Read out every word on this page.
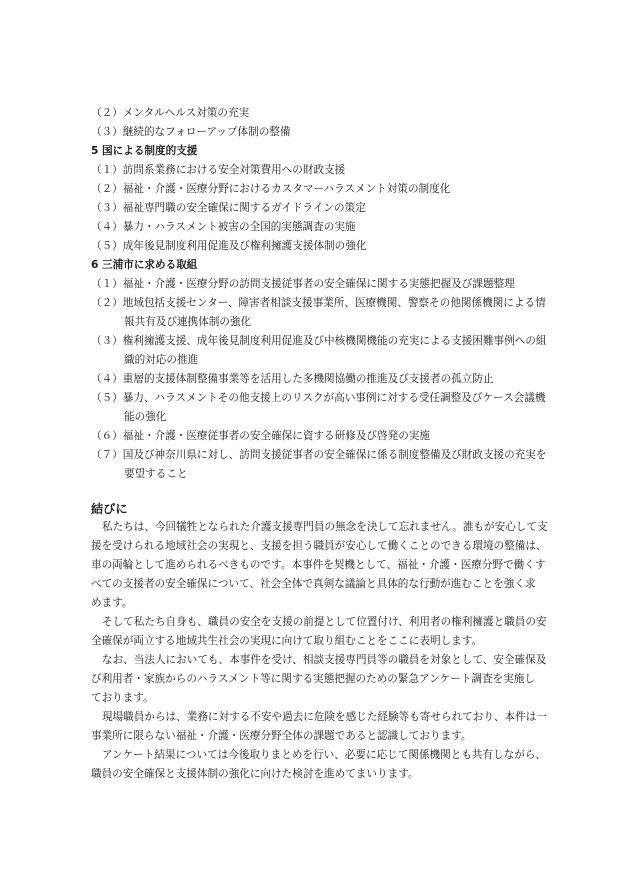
（２）メンタルヘルス対策の充実
（３）継続的なフォローアップ体制の整備
5 国による制度的支援
（１）訪問系業務における安全対策費用への財政支援
（２）福祉・介護・医療分野におけるカスタマーハラスメント対策の制度化
（３）福祉専門職の安全確保に関するガイドラインの策定
（４）暴力・ハラスメント被害の全国的実態調査の実施
（５）成年後見制度利用促進及び権利擁護支援体制の強化
6 三浦市に求める取組
（１）福祉・介護・医療分野の訪問支援従事者の安全確保に関する実態把握及び課題整理
（２）地域包括支援センター、障害者相談支援事業所、医療機関、警察その他関係機関による情
報共有及び連携体制の強化
（３）権利擁護支援、成年後見制度利用促進及び中核機関機能の充実による支援困難事例への組
織的対応の推進
（４）重層的支援体制整備事業等を活用した多機関協働の推進及び支援者の孤立防止
（５）暴力、ハラスメントその他支援上のリスクが高い事例に対する受任調整及びケース会議機
能の強化
（６）福祉・介護・医療従事者の安全確保に資する研修及び啓発の実施
（７）国及び神奈川県に対し、訪問支援従事者の安全確保に係る制度整備及び財政支援の充実を
要望すること
結びに
私たちは、今回犠牲となられた介護支援専門員の無念を決して忘れません。誰もが安心して支
援を受けられる地域社会の実現と、支援を担う職員が安心して働くことのできる環境の整備は、
車の両輪として進められるべきものです。本事件を契機として、福祉・介護・医療分野で働くす
べての支援者の安全確保について、社会全体で真剣な議論と具体的な行動が進むことを強く求
めます。
そして私たち自身も、職員の安全を支援の前提として位置付け、利用者の権利擁護と職員の安
全確保が両立する地域共生社会の実現に向けて取り組むことをここに表明します。
なお、当法人においても、本事件を受け、相談支援専門員等の職員を対象として、安全確保及
び利用者・家族からのハラスメント等に関する実態把握のための緊急アンケート調査を実施し
ております。
現場職員からは、業務に対する不安や過去に危険を感じた経験等も寄せられており、本件は一
事業所に限らない福祉・介護・医療分野全体の課題であると認識しております。
アンケート結果については今後取りまとめを行い、必要に応じて関係機関とも共有しながら、
職員の安全確保と支援体制の強化に向けた検討を進めてまいります。
